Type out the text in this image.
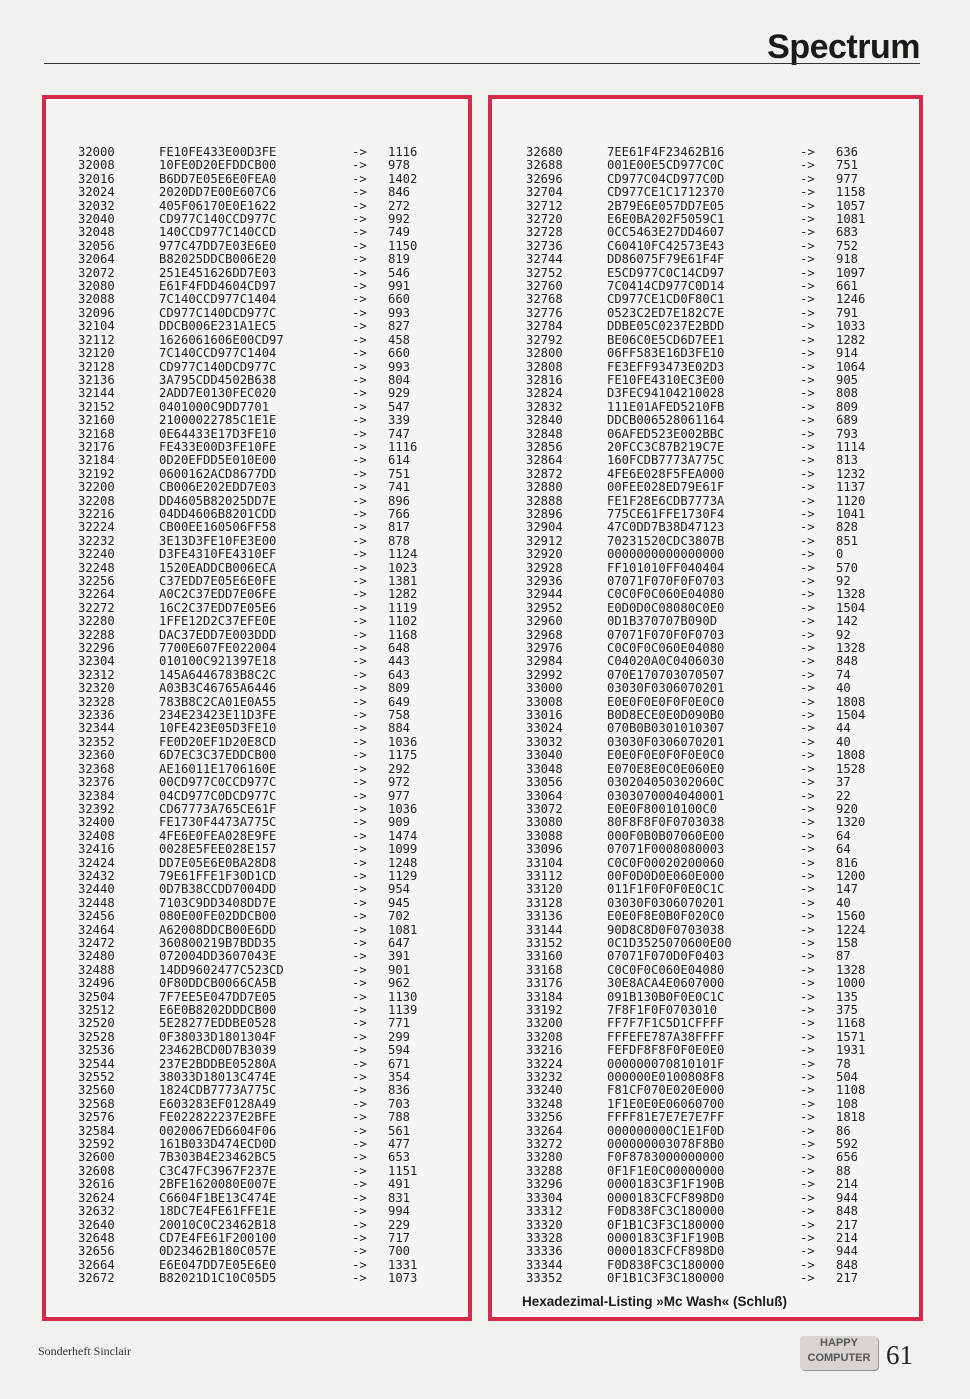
Spectrum
32000	FE10FE433E00D3FE	-> 1116
32008	10FE0D20EFDDCB00	-> 978
32016	B6DD7E05E6E0FEA0	-> 1402
32024	2020DD7E00E607C6	-> 846
32032	405F06170E0E1622	-> 272
32040	CD977C140CCD977C	-> 992
32048	140CCD977C140CCD	-> 749
32056	977C47DD7E03E6E0	-> 1150
32064	B82025DDCB006E20	-> 819
32072	251E451626DD7E03	-> 546
32080	E61F4FDD4604CD97	-> 991
32088	7C140CCD977C1404	-> 660
32096	CD977C140DCD977C	-> 993
32104	DDCB006E231A1EC5	-> 827
32112	1626061606E00CD97	-> 458
32120	7C140CCD977C1404	-> 660
32128	CD977C140DCD977C	-> 993
32136	3A795CDD4502B638	-> 804
32144	2ADD7E0130FEC020	-> 929
32152	0401000C9DD7701	-> 547
32160	21000022785C1E1E	-> 339
32168	0E64433E17D3FE10	-> 747
32176	FE433E00D3FE10FE	-> 1116
32184	0D20EFDD5E010E00	-> 614
32192	0600162ACD8677DD	-> 751
32200	CB006E202EDD7E03	-> 741
32208	DD4605B82025DD7E	-> 896
32216	04DD4606B8201CDD	-> 766
32224	CB00EE160506FF58	-> 817
32232	3E13D3FE10FE3E00	-> 878
32240	D3FE4310FE4310EF	-> 1124
32248	1520EADDCB006ECA	-> 1023
32256	C37EDD7E05E6E0FE	-> 1381
32264	A0C2C37EDD7E06FE	-> 1282
32272	16C2C37EDD7E05E6	-> 1119
32280	1FFE12D2C37EFE0E	-> 1102
32288	DAC37EDD7E003DDD	-> 1168
32296	7700E607FE022004	-> 648
32304	010100C921397E18	-> 443
32312	145A6446783B8C2C	-> 643
32320	A03B3C46765A6446	-> 809
32328	783B8C2CA01E0A55	-> 649
32336	234E23423E11D3FE	-> 758
32344	10FE423E05D3FE10	-> 884
32352	FE0D20EF1D20E8CD	-> 1036
32360	6D7EC3C37EDDCB00	-> 1175
32368	AE16011E1706160E	-> 292
32376	00CD977C0CCD977C	-> 972
32384	04CD977C0DCD977C	-> 977
32392	CD67773A765CE61F	-> 1036
32400	FE1730F4473A775C	-> 909
32408	4FE6E0FEA028E9FE	-> 1474
32416	0028E5FEE028E157	-> 1099
32424	DD7E05E6E0BA28D8	-> 1248
32432	79E61FFE1F30D1CD	-> 1129
32440	0D7B38CCDD7004DD	-> 954
32448	7103C9DD3408DD7E	-> 945
32456	080E00FE02DDCB00	-> 702
32464	A62008DDCB00E6DD	-> 1081
32472	360800219B7BDD35	-> 647
32480	072004DD3607043E	-> 391
32488	14DD9602477C523CD	-> 901
32496	0F80DDCB0066CA5B	-> 962
32504	7F7EE5E047DD7E05	-> 1130
32512	E6E0B8202DDDCB00	-> 1139
32520	5E28277EDDBE0528	-> 771
32528	0F38033D1801304F	-> 299
32536	23462BCD0D7B3039	-> 594
32544	237E2BDDBE05280A	-> 671
32552	38033D18013C474E	-> 354
32560	1824CDB7773A775C	-> 836
32568	E603283EF0128A49	-> 703
32576	FE022822237E2BFE	-> 788
32584	0020067ED6604F06	-> 561
32592	161B033D474ECD0D	-> 477
32600	7B303B4E23462BC5	-> 653
32608	C3C47FC3967F237E	-> 1151
32616	2BFE1620080E007E	-> 491
32624	C6604F1BE13C474E	-> 831
32632	18DC7E4FE61FFE1E	-> 994
32640	20010C0C23462B18	-> 229
32648	CD7E4FE61F200100	-> 717
32656	0D23462B180C057E	-> 700
32664	E6E047DD7E05E6E0	-> 1331
32672	B82021D1C10C05D5	-> 1073
32680	7EE61F4F23462B16	-> 636
32688	001E00E5CD977C0C	-> 751
32696	CD977C04CD977C0D	-> 977
32704	CD977CE1C1712370	-> 1158
32712	2B79E6E057DD7E05	-> 1057
32720	E6E0BA202F5059C1	-> 1081
32728	0CC5463E27DD4607	-> 683
32736	C60410FC42573E43	-> 752
32744	DD86075F79E61F4F	-> 918
32752	E5CD977C0C14CD97	-> 1097
32760	7C0414CD977C0D14	-> 661
32768	CD977CE1CD0F80C1	-> 1246
32776	0523C2ED7E182C7E	-> 791
32784	DDBE05C0237E2BDD	-> 1033
32792	BE06C0E5CD6D7EE1	-> 1282
32800	06FF583E16D3FE10	-> 914
32808	FE3EFF93473E02D3	-> 1064
32816	FE10FE4310EC3E00	-> 905
32824	D3FEC94104210028	-> 808
32832	111E01AFED5210FB	-> 809
32840	DDCB006528061164	-> 689
32848	06AFED523E002BBC	-> 793
32856	20FCC3C87B219C7E	-> 1114
32864	160FCDB7773A775C	-> 813
32872	4FE6E028F5FEA000	-> 1232
32880	00FEE028ED79E61F	-> 1137
32888	FE1F28E6CDB7773A	-> 1120
32896	775CE61FFE1730F4	-> 1041
32904	47C0DD7B38D47123	-> 828
32912	70231520CDC3807B	-> 851
32920	0000000000000000	-> 0
32928	FF101010FF040404	-> 570
32936	07071F070F0F0703	-> 92
32944	C0C0F0C060E04080	-> 1328
32952	E0D0D0C08080C0E0	-> 1504
32960	0D1B370707B090D	-> 142
32968	07071F070F0F0703	-> 92
32976	C0C0F0C060E04080	-> 1328
32984	C04020A0C0406030	-> 848
32992	070E170703070507	-> 74
33000	03030F0306070201	-> 40
33008	E0E0F0E0F0F0E0C0	-> 1808
33016	B0D8ECE0E0D090B0	-> 1504
33024	070B0B0301010307	-> 44
33032	03030F0306070201	-> 40
33040	E0E0F0E0F0F0E0C0	-> 1808
33048	E070E8E0C0E060E0	-> 1528
33056	030204050302060C	-> 37
33064	0303070004040001	-> 22
33072	E0E0F80010100C0	-> 920
33080	80F8F8F0F0703038	-> 1320
33088	000F0B0B07060E00	-> 64
33096	07071F0008080003	-> 64
33104	C0C0F00020200060	-> 816
33112	00F0D0D0E060E000	-> 1200
33120	011F1F0F0F0E0C1C	-> 147
33128	03030F0306070201	-> 40
33136	E0E0F8E0B0F020C0	-> 1560
33144	90D8C8D0F0703038	-> 1224
33152	0C1D3525070600E00	-> 158
33160	07071F070D0F0403	-> 87
33168	C0C0F0C060E04080	-> 1328
33176	30E8ACA4E0607000	-> 1000
33184	091B130B0F0E0C1C	-> 135
33192	7F8F1F0F0703010	-> 375
33200	FF7F7F1C5D1CFFFF	-> 1168
33208	FFFEFE787A38FFFF	-> 1571
33216	FEFDF8F8F0F0E0E0	-> 1931
33224	000000070810101F	-> 78
33232	000000E0100808F8	-> 504
33240	F81CF070E020E000	-> 1108
33248	1F1E0E0E06060700	-> 108
33256	FFFF81E7E7E7E7FF	-> 1818
33264	000000000C1E1F0D	-> 86
33272	000000003078F8B0	-> 592
33280	F0F8783000000000	-> 656
33288	0F1F1E0C00000000	-> 88
33296	0000183C3F1F190B	-> 214
33304	0000183CFCF898D0	-> 944
33312	F0D838FC3C180000	-> 848
33320	0F1B1C3F3C180000	-> 217
33328	0000183C3F1F190B	-> 214
33336	0000183CFCF898D0	-> 944
33344	F0D838FC3C180000	-> 848
33352	0F1B1C3F3C180000	-> 217
Hexadezimal-Listing »Mc Wash« (Schluß)
Sonderheft Sinclair
HAPPY
COMPUTER 61
